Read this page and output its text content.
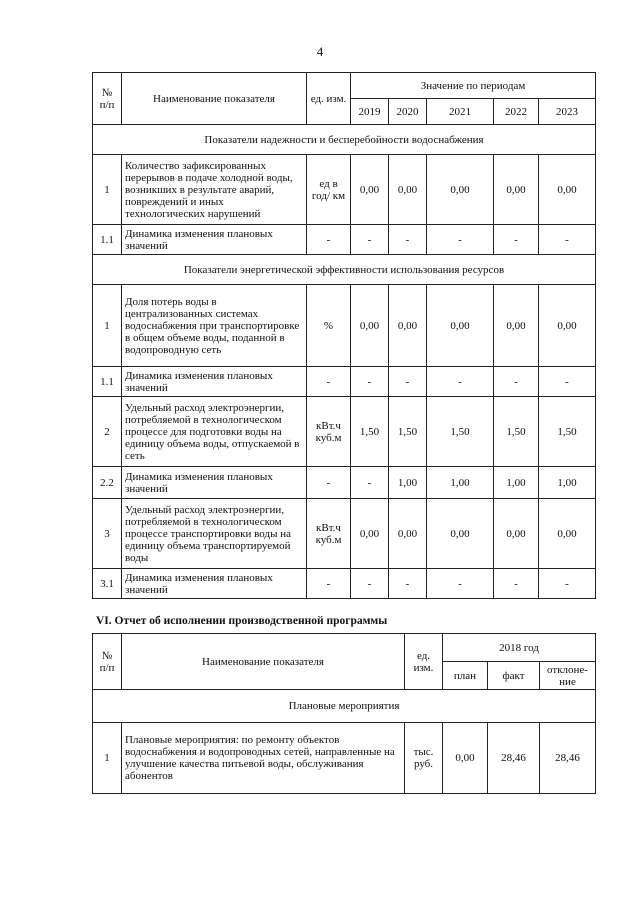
4
№ п/п	Наименование показателя	ед. изм.	Значение по периодам				
			2019	2020	2021	2022	2023
Показатели надежности и бесперебойности водоснабжения							
1	Количество зафиксированных перерывов в подаче холодной воды, возникших в результате аварий, повреждений и иных технологических нарушений	ед в год/ км	0,00	0,00	0,00	0,00	0,00
1.1	Динамика изменения плановых значений	-	-	-	-	-	-
Показатели энергетической эффективности использования ресурсов							
1	Доля потерь воды в централизованных системах водоснабжения при транспортировке в общем объеме воды, поданной в водопроводную сеть	%	0,00	0,00	0,00	0,00	0,00
1.1	Динамика изменения плановых значений	-	-	-	-	-	-
2	Удельный расход электроэнергии, потребляемой в технологическом процессе для подготовки воды на единицу объема воды, отпускаемой в сеть	кВт.ч куб.м	1,50	1,50	1,50	1,50	1,50
2.2	Динамика изменения плановых значений	-	-	1,00	1,00	1,00	1,00
3	Удельный расход электроэнергии, потребляемой в технологическом процессе транспортировки воды на единицу объема транспортируемой воды	кВт.ч куб.м	0,00	0,00	0,00	0,00	0,00
3.1	Динамика изменения плановых значений	-	-	-	-	-	-
VI. Отчет об исполнении производственной программы
№ п/п	Наименование показателя	ед. изм.	2018 год		
			план	факт	отклоне-ние
Плановые мероприятия					
1	Плановые мероприятия: по ремонту объектов водоснабжения и водопроводных сетей, направленные на улучшение качества питьевой воды, обслуживания абонентов	тыс. руб.	0,00	28,46	28,46
